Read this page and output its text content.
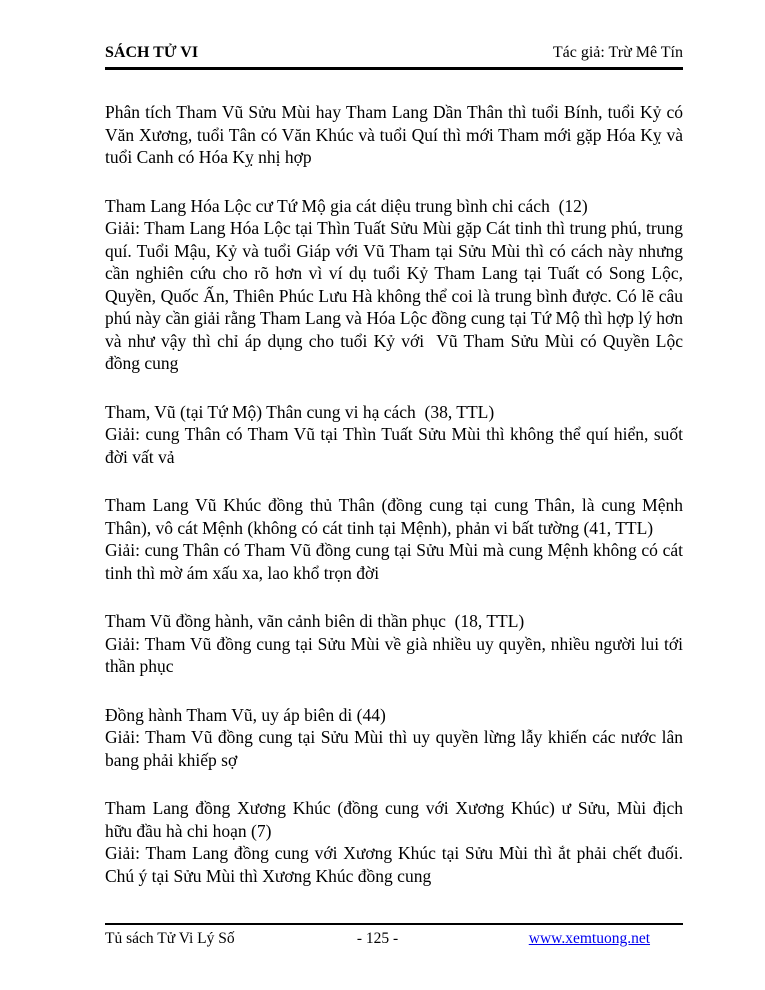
SÁCH TỬ VI	Tác giả: Trừ Mê Tín

Phân tích Tham Vũ Sửu Mùi hay Tham Lang Dần Thân thì tuổi Bính, tuổi Kỷ có Văn Xương, tuổi Tân có Văn Khúc và tuổi Quí thì mới Tham mới gặp Hóa Kỵ và tuổi Canh có Hóa Kỵ nhị hợp

Tham Lang Hóa Lộc cư Tứ Mộ gia cát diệu trung bình chi cách  (12)

Giải: Tham Lang Hóa Lộc tại Thìn Tuất Sửu Mùi gặp Cát tinh thì trung phú, trung quí. Tuổi Mậu, Kỷ và tuổi Giáp với Vũ Tham tại Sửu Mùi thì có cách này nhưng cần nghiên cứu cho rõ hơn vì ví dụ tuổi Kỷ Tham Lang tại Tuất có Song Lộc, Quyền, Quốc Ấn, Thiên Phúc Lưu Hà không thể coi là trung bình được. Có lẽ câu phú này cần giải rằng Tham Lang và Hóa Lộc đồng cung tại Tứ Mộ thì hợp lý hơn và như vậy thì chỉ áp dụng cho tuổi Kỷ với  Vũ Tham Sửu Mùi có Quyền Lộc đồng cung

Tham, Vũ (tại Tứ Mộ) Thân cung vi hạ cách  (38, TTL)

Giải: cung Thân có Tham Vũ tại Thìn Tuất Sửu Mùi thì không thể quí hiển, suốt đời vất vả

Tham Lang Vũ Khúc đồng thủ Thân (đồng cung tại cung Thân, là cung Mệnh Thân), vô cát Mệnh (không có cát tinh tại Mệnh), phản vi bất tường (41, TTL)

Giải: cung Thân có Tham Vũ đồng cung tại Sửu Mùi mà cung Mệnh không có cát tinh thì mờ ám xấu xa, lao khổ trọn đời

Tham Vũ đồng hành, vãn cảnh biên di thần phục  (18, TTL)

Giải: Tham Vũ đồng cung tại Sửu Mùi về già nhiều uy quyền, nhiều người lui tới thần phục

Đồng hành Tham Vũ, uy áp biên di (44)

Giải: Tham Vũ đồng cung tại Sửu Mùi thì uy quyền lừng lẫy khiến các nước lân bang phải khiếp sợ

Tham Lang đồng Xương Khúc (đồng cung với Xương Khúc) ư Sửu, Mùi địch hữu đầu hà chi hoạn (7)

Giải: Tham Lang đồng cung với Xương Khúc tại Sửu Mùi thì ắt phải chết đuối. Chú ý tại Sửu Mùi thì Xương Khúc đồng cung

Tủ sách Tử Vi Lý Số	- 125 -	www.xemtuong.net
